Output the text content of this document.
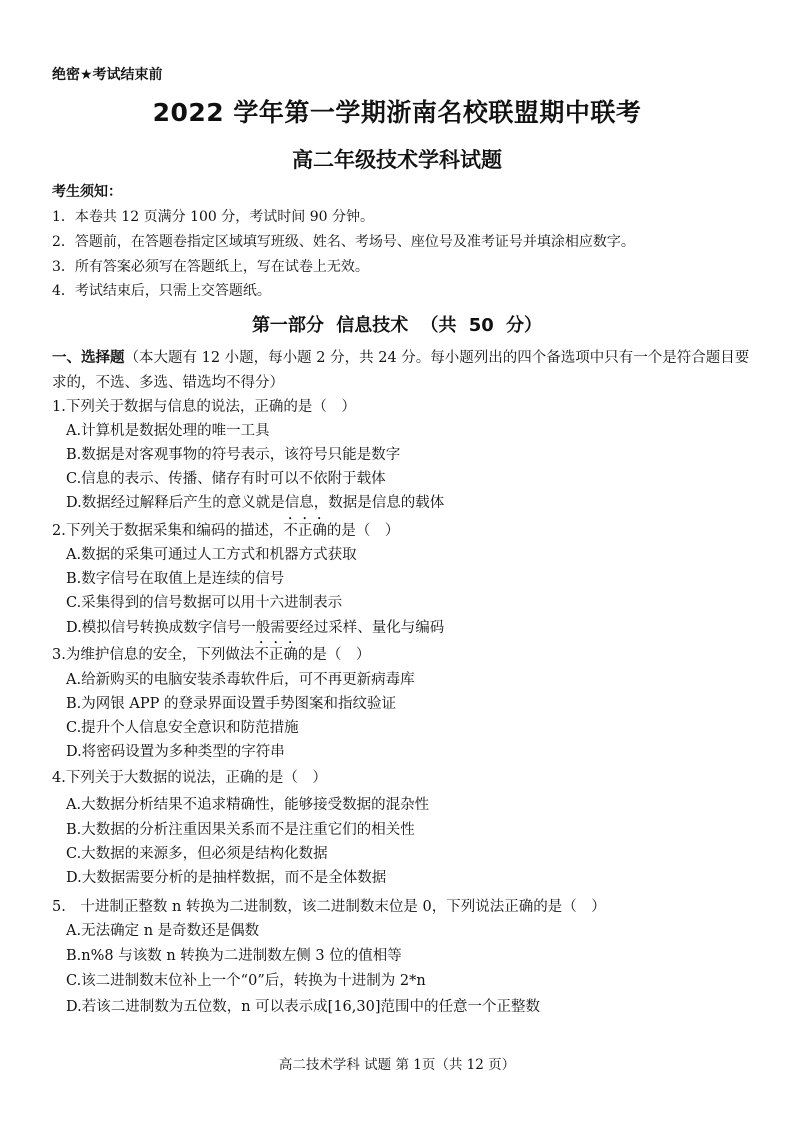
绝密★考试结束前
2022 学年第一学期浙南名校联盟期中联考
高二年级技术学科试题
考生须知：
1．本卷共 12 页满分 100 分，考试时间 90 分钟。
2．答题前，在答题卷指定区域填写班级、姓名、考场号、座位号及准考证号并填涂相应数字。
3．所有答案必须写在答题纸上，写在试卷上无效。
4．考试结束后，只需上交答题纸。
第一部分 信息技术 （共 50 分）
一、选择题（本大题有 12 小题，每小题 2 分，共 24 分。每小题列出的四个备选项中只有一个是符合题目要求的，不选、多选、错选均不得分）
1.下列关于数据与信息的说法，正确的是（　）
A.计算机是数据处理的唯一工具
B.数据是对客观事物的符号表示，该符号只能是数字
C.信息的表示、传播、储存有时可以不依附于载体
D.数据经过解释后产生的意义就是信息，数据是信息的载体
2.下列关于数据采集和编码的描述，不正确的是（　）
A.数据的采集可通过人工方式和机器方式获取
B.数字信号在取值上是连续的信号
C.采集得到的信号数据可以用十六进制表示
D.模拟信号转换成数字信号一般需要经过采样、量化与编码
3.为维护信息的安全，下列做法不正确的是（　）
A.给新购买的电脑安装杀毒软件后，可不再更新病毒库
B.为网银 APP 的登录界面设置手势图案和指纹验证
C.提升个人信息安全意识和防范措施
D.将密码设置为多种类型的字符串
4.下列关于大数据的说法，正确的是（　）
A.大数据分析结果不追求精确性，能够接受数据的混杂性
B.大数据的分析注重因果关系而不是注重它们的相关性
C.大数据的来源多，但必须是结构化数据
D.大数据需要分析的是抽样数据，而不是全体数据
5.　十进制正整数 n 转换为二进制数，该二进制数末位是 0，下列说法正确的是（　）
A.无法确定 n 是奇数还是偶数
B.n%8 与该数 n 转换为二进制数左侧 3 位的值相等
C.该二进制数末位补上一个“0”后，转换为十进制为 2*n
D.若该二进制数为五位数，n 可以表示成[16,30]范围中的任意一个正整数
高二技术学科 试题 第 1页（共 12 页）
